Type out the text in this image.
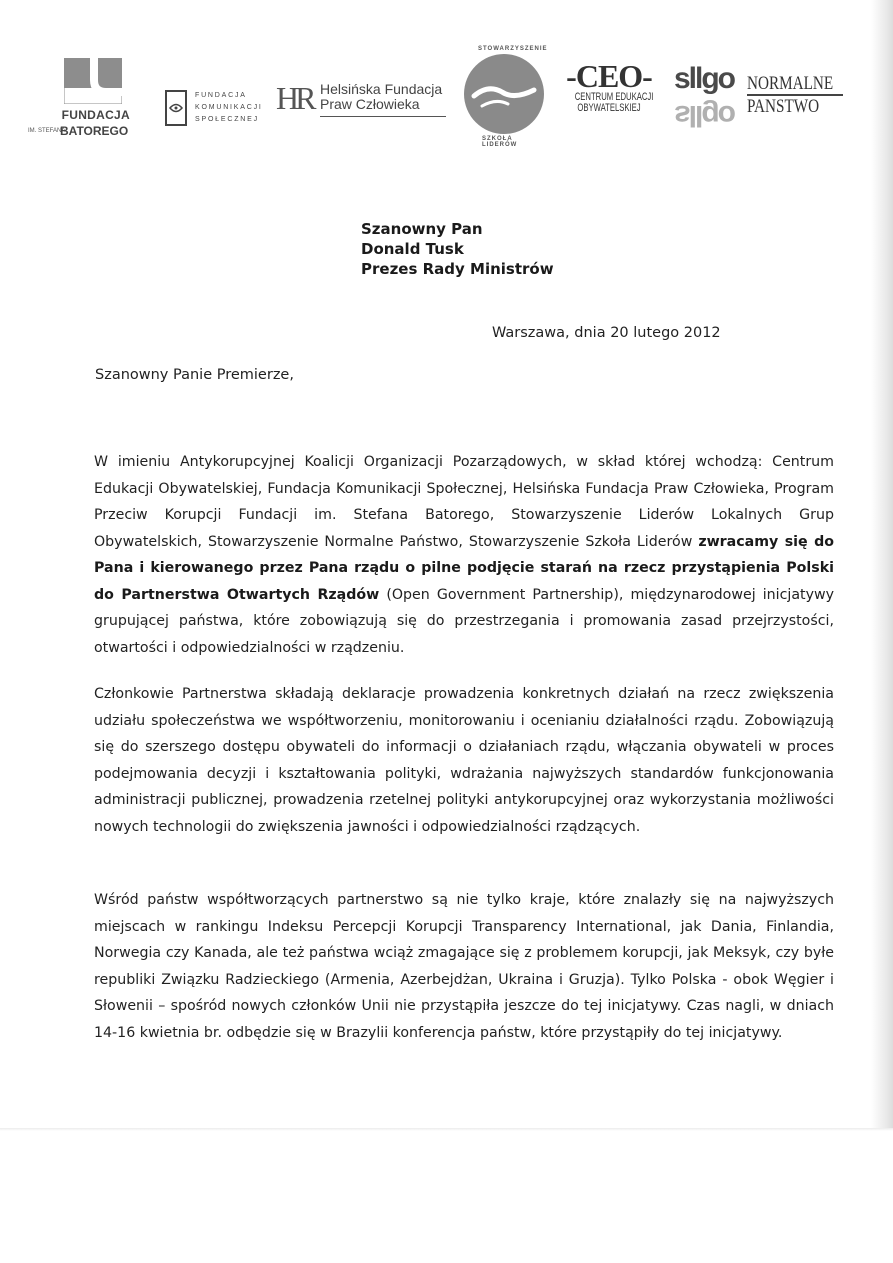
FUNDACJA
IM. STEFANA
BATOREGO
FUNDACJA
KOMUNIKACJI
SPOŁECZNEJ
HR Helsińska Fundacja
Praw Człowieka
STOWARZYSZENIE
SZKOŁA LIDERÓW
-CEO-
CENTRUM EDUKACJI
OBYWATELSKIEJ
sllgo
sllgo
NORMALNE
PANSTWO
Szanowny Pan
Donald Tusk
Prezes Rady Ministrów
Warszawa, dnia 20 lutego 2012
Szanowny Panie Premierze,
W imieniu Antykorupcyjnej Koalicji Organizacji Pozarządowych, w skład której wchodzą: Centrum Edukacji Obywatelskiej, Fundacja Komunikacji Społecznej, Helsińska Fundacja Praw Człowieka, Program Przeciw Korupcji Fundacji im. Stefana Batorego, Stowarzyszenie Liderów Lokalnych Grup Obywatelskich, Stowarzyszenie Normalne Państwo, Stowarzyszenie Szkoła Liderów zwracamy się do Pana i kierowanego przez Pana rządu o pilne podjęcie starań na rzecz przystąpienia Polski do Partnerstwa Otwartych Rządów (Open Government Partnership), międzynarodowej inicjatywy grupującej państwa, które zobowiązują się do przestrzegania i promowania zasad przejrzystości, otwartości i odpowiedzialności w rządzeniu.
Członkowie Partnerstwa składają deklaracje prowadzenia konkretnych działań na rzecz zwiększenia udziału społeczeństwa we współtworzeniu, monitorowaniu i ocenianiu działalności rządu. Zobowiązują się do szerszego dostępu obywateli do informacji o działaniach rządu, włączania obywateli w proces podejmowania decyzji i kształtowania polityki, wdrażania najwyższych standardów funkcjonowania administracji publicznej, prowadzenia rzetelnej polityki antykorupcyjnej oraz wykorzystania możliwości nowych technologii do zwiększenia jawności i odpowiedzialności rządzących.
Wśród państw współtworzących partnerstwo są nie tylko kraje, które znalazły się na najwyższych miejscach w rankingu Indeksu Percepcji Korupcji Transparency International, jak Dania, Finlandia, Norwegia czy Kanada, ale też państwa wciąż zmagające się z problemem korupcji, jak Meksyk, czy byłe republiki Związku Radzieckiego (Armenia, Azerbejdżan, Ukraina i Gruzja). Tylko Polska - obok Węgier i Słowenii – spośród nowych członków Unii nie przystąpiła jeszcze do tej inicjatywy. Czas nagli, w dniach 14-16 kwietnia br. odbędzie się w Brazylii konferencja państw, które przystąpiły do tej inicjatywy.
